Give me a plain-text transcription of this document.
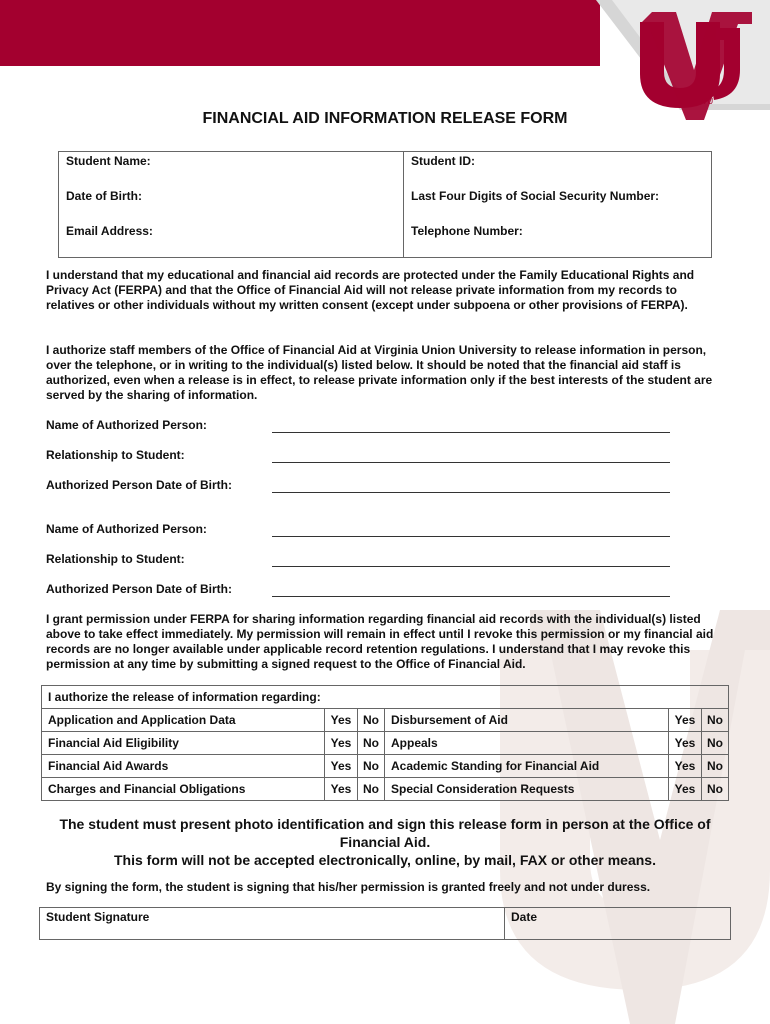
VU
FINANCIAL AID INFORMATION RELEASE FORM
Student Name:	Student ID:
Date of Birth:	Last Four Digits of Social Security Number:
Email Address:	Telephone Number:

I understand that my educational and financial aid records are protected under the Family Educational Rights and Privacy Act (FERPA) and that the Office of Financial Aid will not release private information from my records to relatives or other individuals without my written consent (except under subpoena or other provisions of FERPA).

I authorize staff members of the Office of Financial Aid at Virginia Union University to release information in person, over the telephone, or in writing to the individual(s) listed below. It should be noted that the financial aid staff is authorized, even when a release is in effect, to release private information only if the best interests of the student are served by the sharing of information.

Name of Authorized Person:
Relationship to Student:
Authorized Person Date of Birth:
Name of Authorized Person:
Relationship to Student:
Authorized Person Date of Birth:

I grant permission under FERPA for sharing information regarding financial aid records with the individual(s) listed above to take effect immediately. My permission will remain in effect until I revoke this permission or my financial aid records are no longer available under applicable record retention regulations. I understand that I may revoke this permission at any time by submitting a signed request to the Office of Financial Aid.

I authorize the release of information regarding:					
Application and Application Data	Yes	No	Disbursement of Aid	Yes	No
Financial Aid Eligibility	Yes	No	Appeals	Yes	No
Financial Aid Awards	Yes	No	Academic Standing for Financial Aid	Yes	No
Charges and Financial Obligations	Yes	No	Special Consideration Requests	Yes	No
The student must present photo identification and sign this release form in person at the Office of Financial Aid.
This form will not be accepted electronically, online, by mail, FAX or other means.

By signing the form, the student is signing that his/her permission is granted freely and not under duress.

Student Signature	Date
